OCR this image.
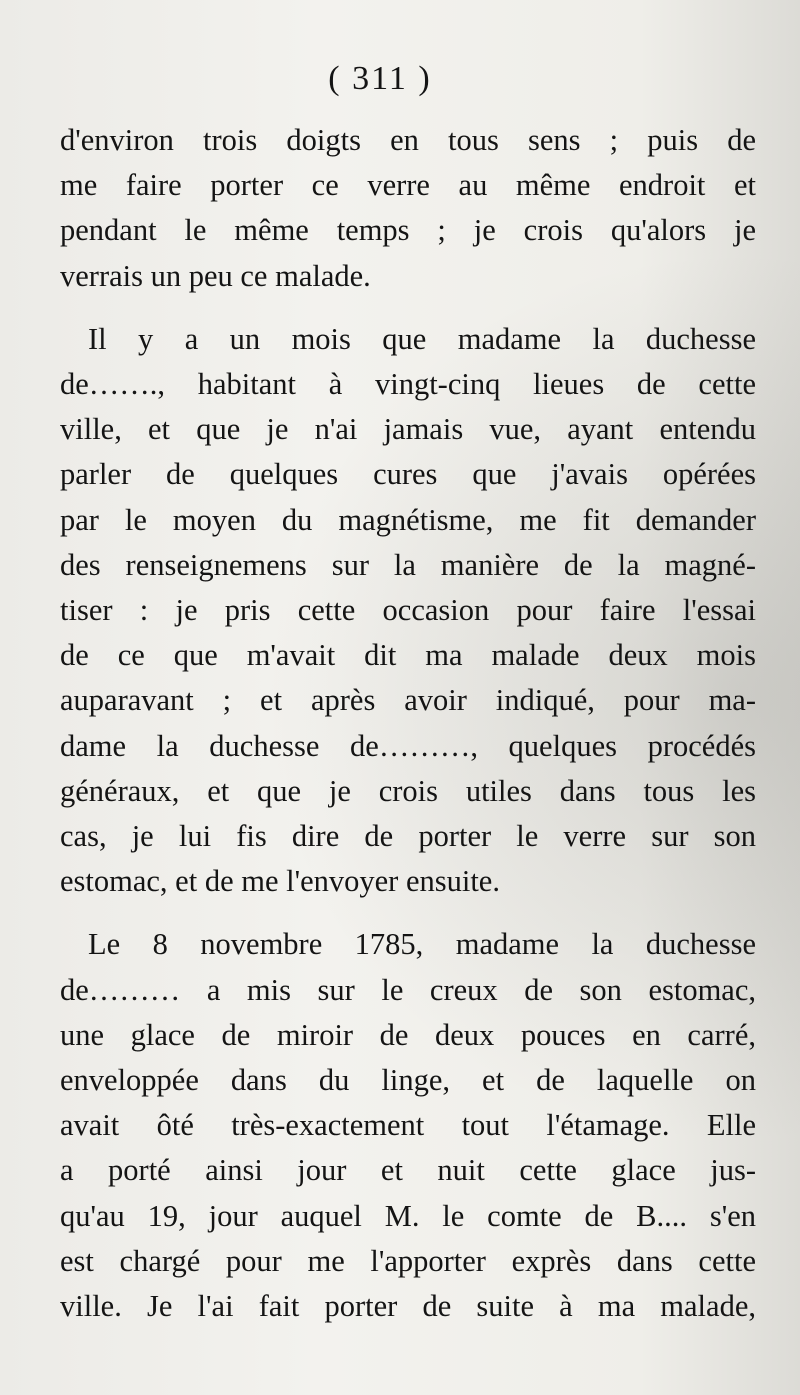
( 311 )

d'environ trois doigts en tous sens ; puis de
me faire porter ce verre au même endroit et
pendant le même temps ; je crois qu'alors je
verrais un peu ce malade.

Il y a un mois que madame la duchesse
de……., habitant à vingt-cinq lieues de cette
ville, et que je n'ai jamais vue, ayant entendu
parler de quelques cures que j'avais opérées
par le moyen du magnétisme, me fit demander
des renseignemens sur la manière de la magné-
tiser : je pris cette occasion pour faire l'essai
de ce que m'avait dit ma malade deux mois
auparavant ; et après avoir indiqué, pour ma-
dame la duchesse de………, quelques procédés
généraux, et que je crois utiles dans tous les
cas, je lui fis dire de porter le verre sur son
estomac, et de me l'envoyer ensuite.

Le 8 novembre 1785, madame la duchesse
de……… a mis sur le creux de son estomac,
une glace de miroir de deux pouces en carré,
enveloppée dans du linge, et de laquelle on
avait ôté très-exactement tout l'étamage. Elle
a porté ainsi jour et nuit cette glace jus-
qu'au 19, jour auquel M. le comte de B.... s'en
est chargé pour me l'apporter exprès dans cette
ville. Je l'ai fait porter de suite à ma malade,
